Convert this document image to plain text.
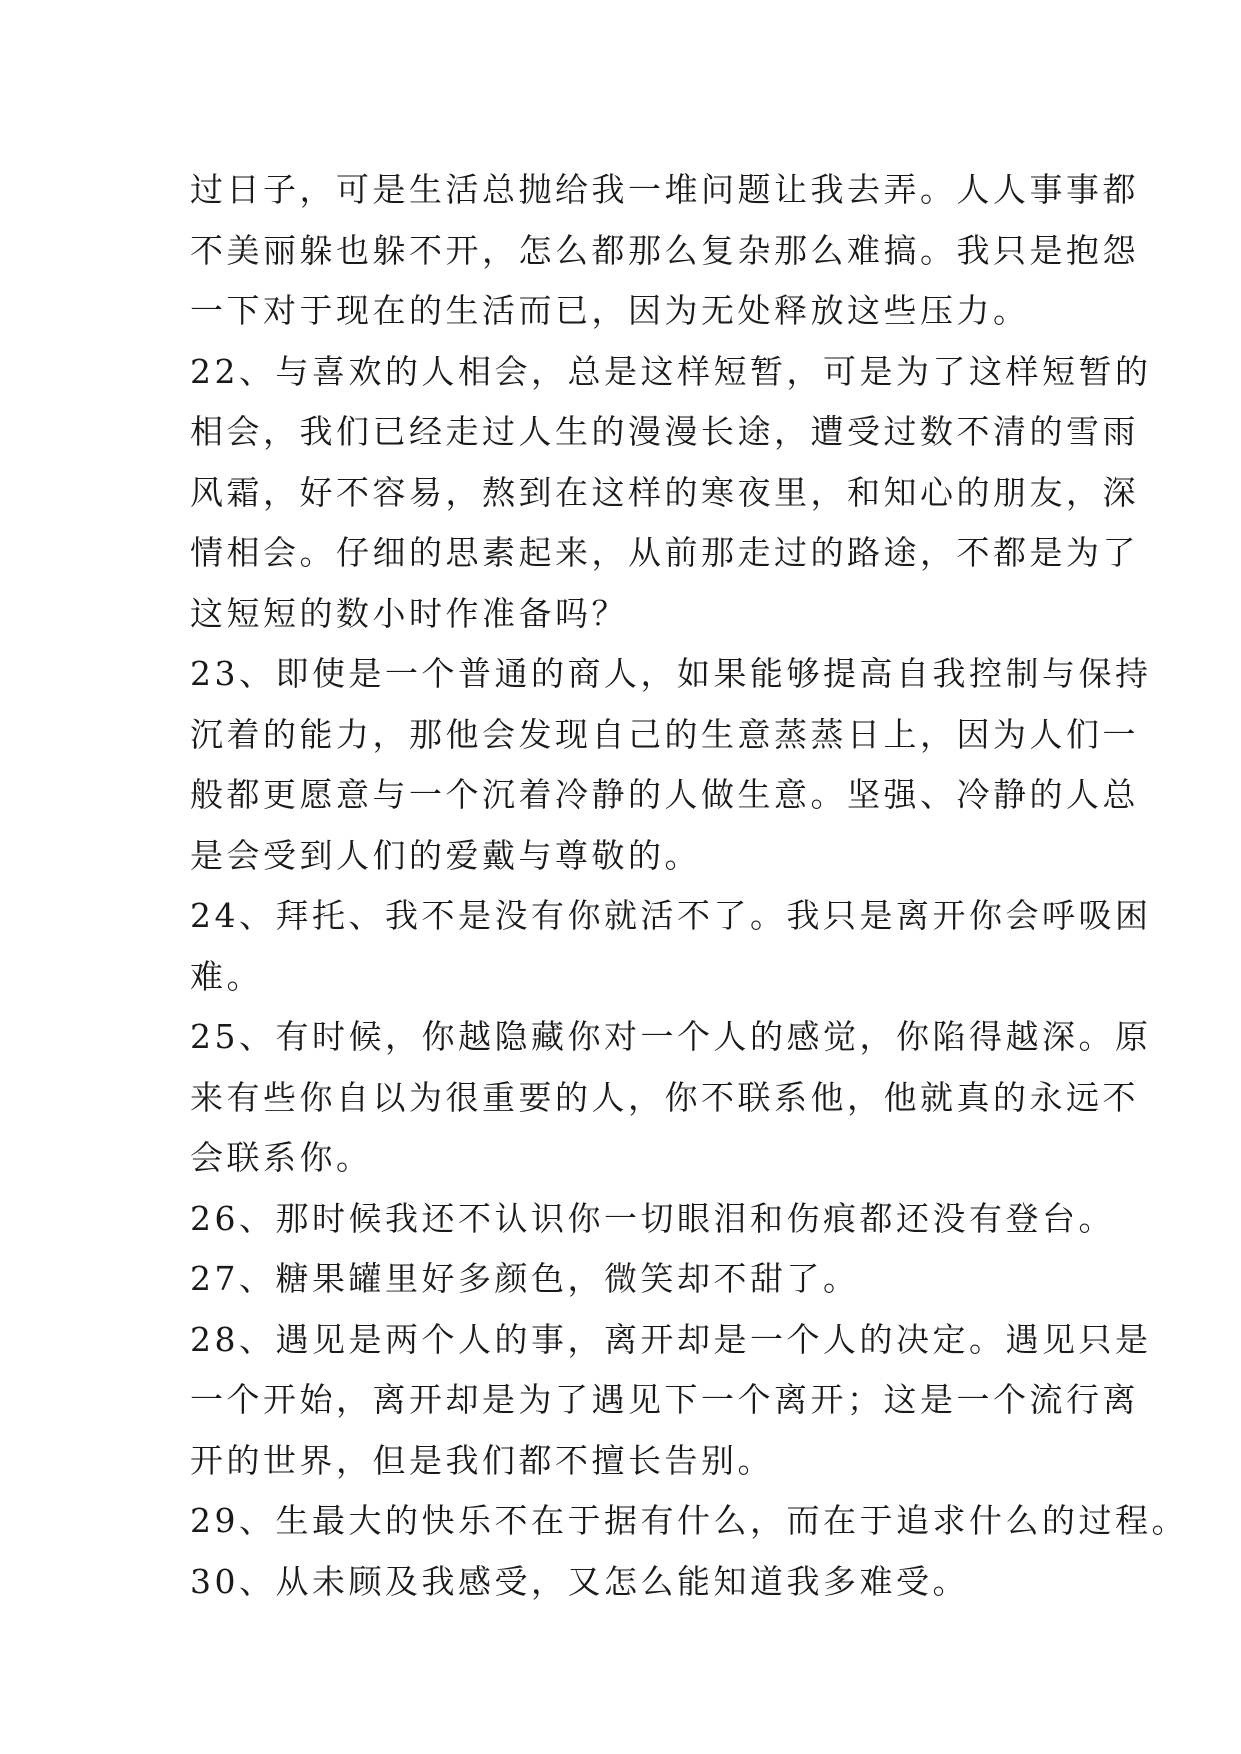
过日子，可是生活总抛给我一堆问题让我去弄。人人事事都
不美丽躲也躲不开，怎么都那么复杂那么难搞。我只是抱怨
一下对于现在的生活而已，因为无处释放这些压力。
22、与喜欢的人相会，总是这样短暂，可是为了这样短暂的
相会，我们已经走过人生的漫漫长途，遭受过数不清的雪雨
风霜，好不容易，熬到在这样的寒夜里，和知心的朋友，深
情相会。仔细的思素起来，从前那走过的路途，不都是为了
这短短的数小时作准备吗？
23、即使是一个普通的商人，如果能够提高自我控制与保持
沉着的能力，那他会发现自己的生意蒸蒸日上，因为人们一
般都更愿意与一个沉着冷静的人做生意。坚强、冷静的人总
是会受到人们的爱戴与尊敬的。
24、拜托、我不是没有你就活不了。我只是离开你会呼吸困
难。
25、有时候，你越隐藏你对一个人的感觉，你陷得越深。原
来有些你自以为很重要的人，你不联系他，他就真的永远不
会联系你。
26、那时候我还不认识你一切眼泪和伤痕都还没有登台。
27、糖果罐里好多颜色，微笑却不甜了。
28、遇见是两个人的事，离开却是一个人的决定。遇见只是
一个开始，离开却是为了遇见下一个离开；这是一个流行离
开的世界，但是我们都不擅长告别。
29、生最大的快乐不在于据有什么，而在于追求什么的过程。
30、从未顾及我感受，又怎么能知道我多难受。
